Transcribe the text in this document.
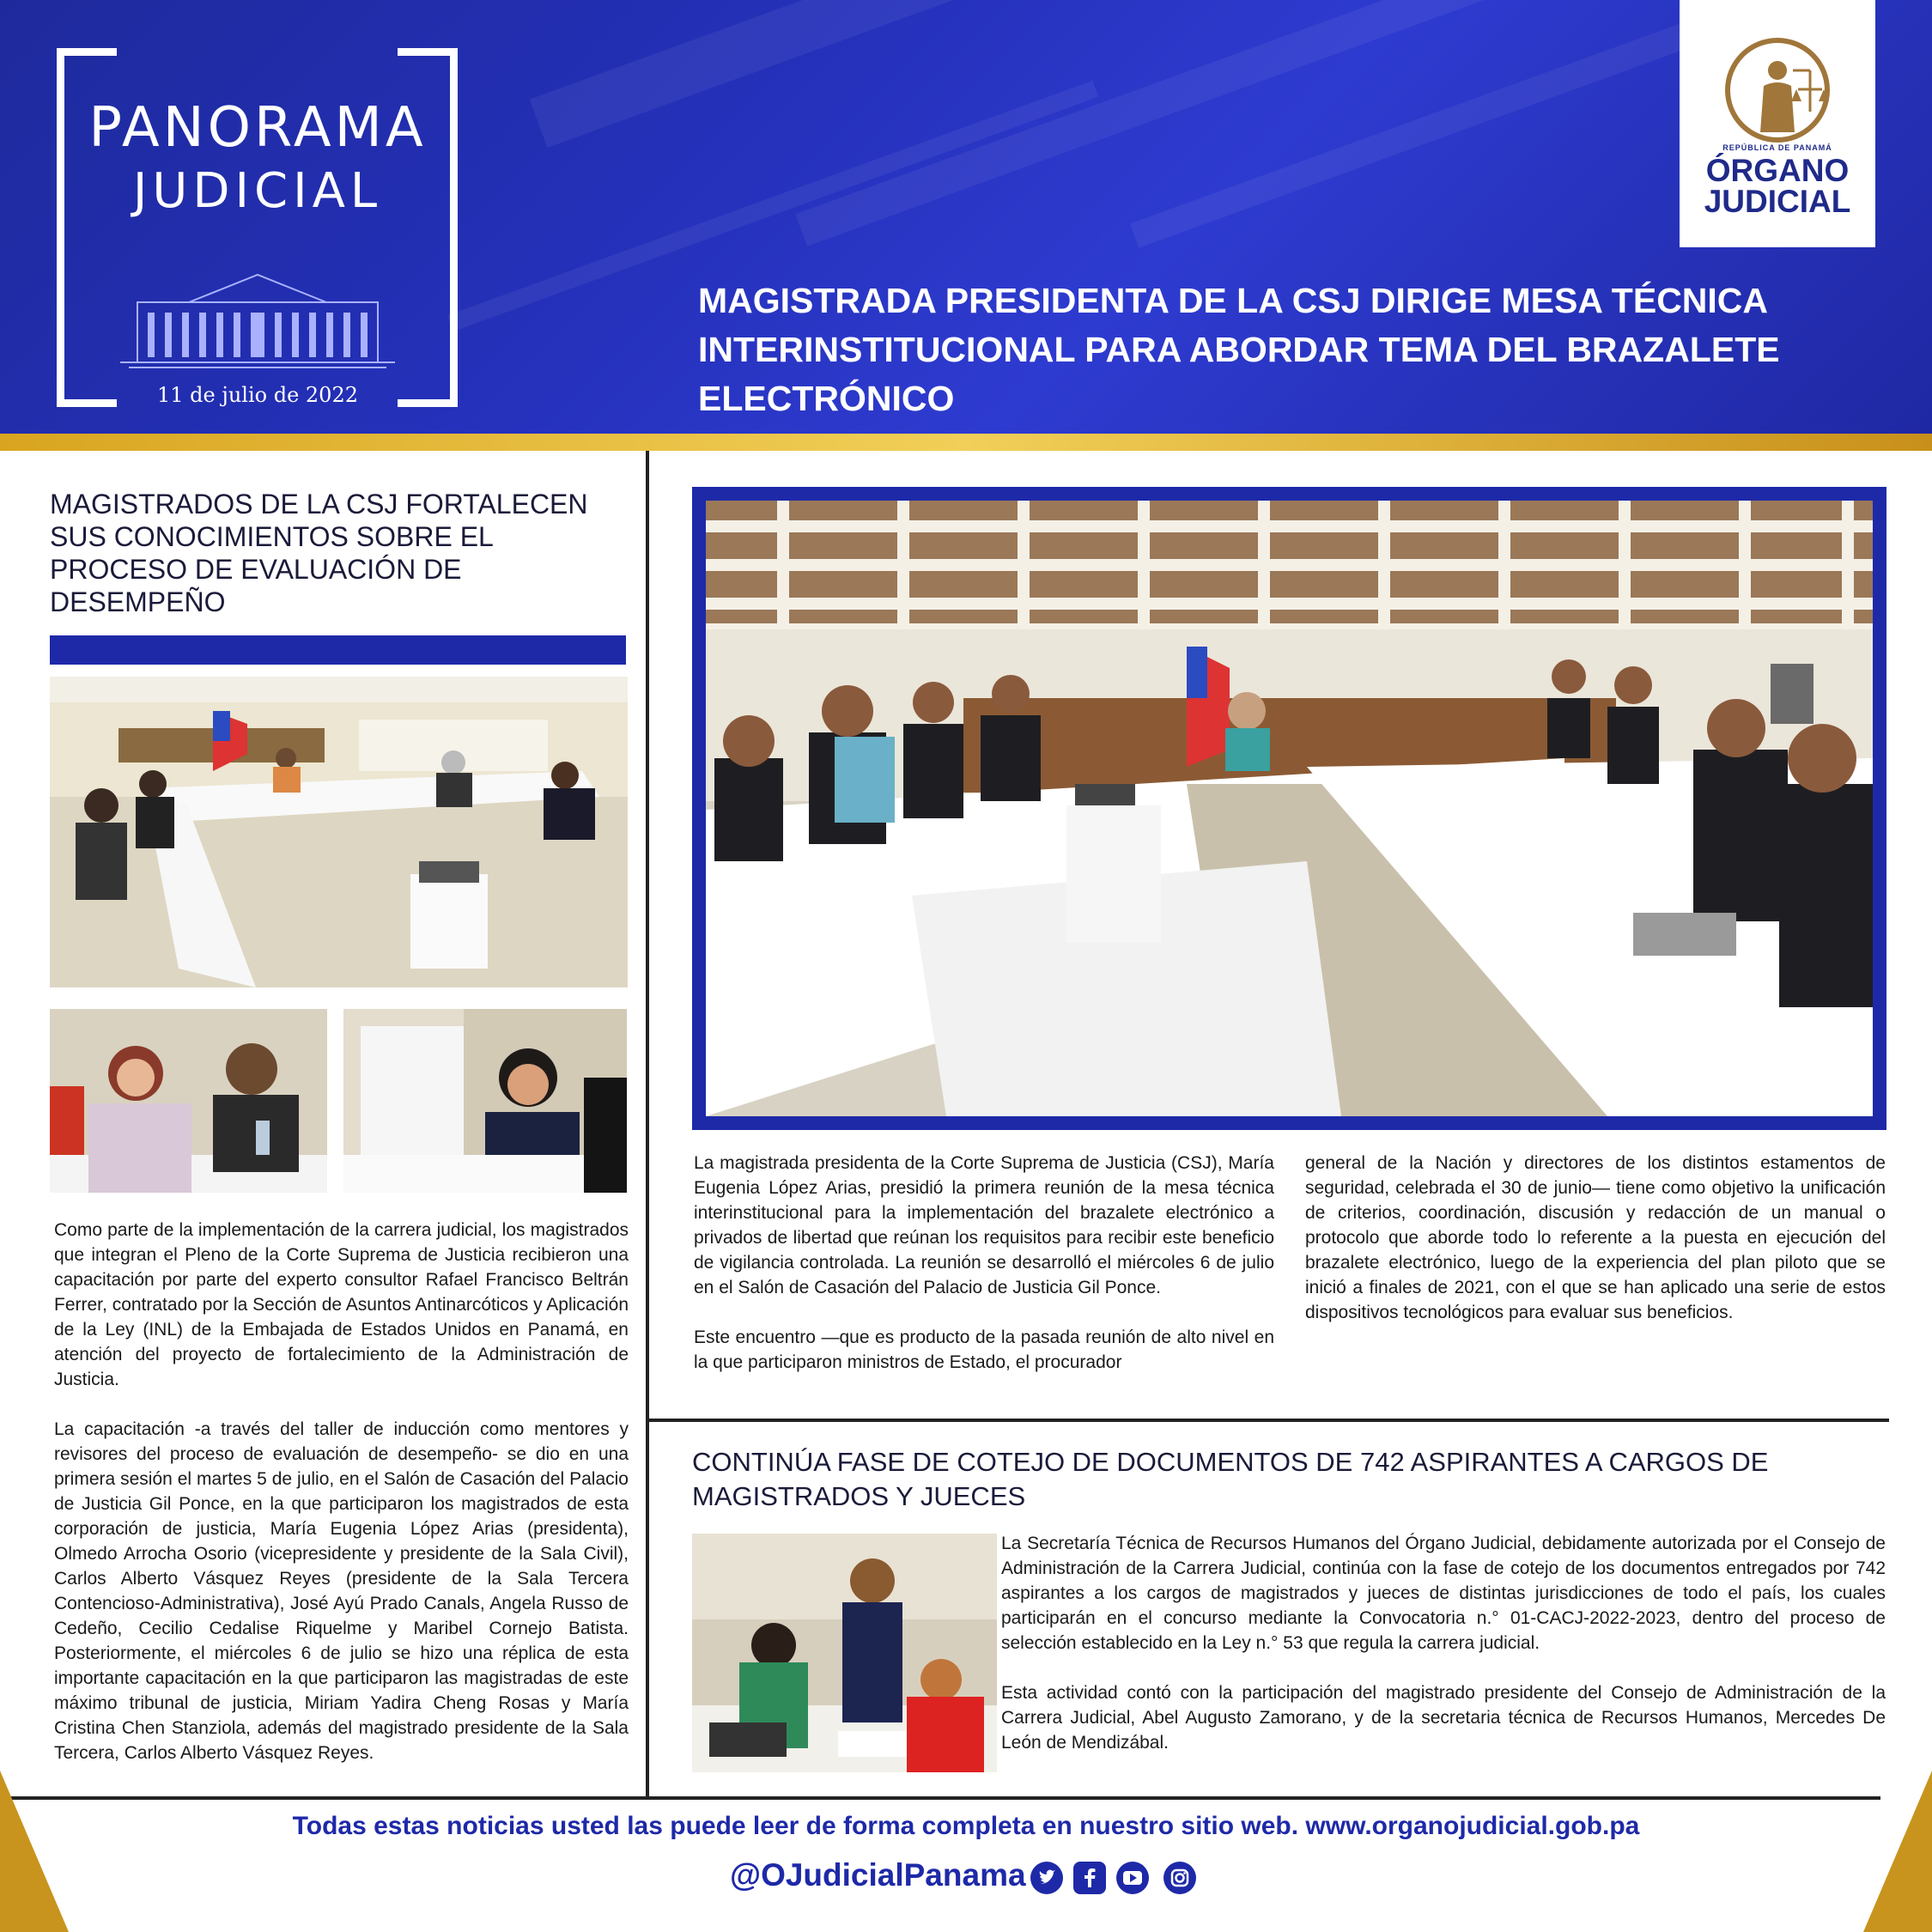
PANORAMA
JUDICIAL
11 de julio de 2022
REPÚBLICA DE PANAMÁ
ÓRGANO
JUDICIAL
MAGISTRADA PRESIDENTA DE LA CSJ DIRIGE MESA TÉCNICA INTERINSTITUCIONAL PARA ABORDAR TEMA DEL BRAZALETE ELECTRÓNICO
MAGISTRADOS DE LA CSJ FORTALECEN SUS CONOCIMIENTOS SOBRE EL PROCESO DE EVALUACIÓN DE DESEMPEÑO

Como parte de la implementación de la carrera judicial, los magistrados que integran el Pleno de la Corte Suprema de Justicia recibieron una capacitación por parte del experto consultor Rafael Francisco Beltrán Ferrer, contratado por la Sección de Asuntos Antinarcóticos y Aplicación de la Ley (INL) de la Embajada de Estados Unidos en Panamá, en atención del proyecto de fortalecimiento de la Administración de Justicia.

La capacitación -a través del taller de inducción como mentores y revisores del proceso de evaluación de desempeño- se dio en una primera sesión el martes 5 de julio, en el Salón de Casación del Palacio de Justicia Gil Ponce, en la que participaron los magistrados de esta corporación de justicia, María Eugenia López Arias (presidenta), Olmedo Arrocha Osorio (vicepresidente y presidente de la Sala Civil), Carlos Alberto Vásquez Reyes (presidente de la Sala Tercera Contencioso-Administrativa), José Ayú Prado Canals, Angela Russo de Cedeño, Cecilio Cedalise Riquelme y Maribel Cornejo Batista. Posteriormente, el miércoles 6 de julio se hizo una réplica de esta importante capacitación en la que participaron las magistradas de este máximo tribunal de justicia, Miriam Yadira Cheng Rosas y María Cristina Chen Stanziola, además del magistrado presidente de la Sala Tercera, Carlos Alberto Vásquez Reyes.

La magistrada presidenta de la Corte Suprema de Justicia (CSJ), María Eugenia López Arias, presidió la primera reunión de la mesa técnica interinstitucional para la implementación del brazalete electrónico a privados de libertad que reúnan los requisitos para recibir este beneficio de vigilancia controlada. La reunión se desarrolló el miércoles 6 de julio en el Salón de Casación del Palacio de Justicia Gil Ponce.

Este encuentro —que es producto de la pasada reunión de alto nivel en la que participaron ministros de Estado, el procurador

general de la Nación y directores de los distintos estamentos de seguridad, celebrada el 30 de junio— tiene como objetivo la unificación de criterios, coordinación, discusión y redacción de un manual o protocolo que aborde todo lo referente a la puesta en ejecución del brazalete electrónico, luego de la experiencia del plan piloto que se inició a finales de 2021, con el que se han aplicado una serie de estos dispositivos tecnológicos para evaluar sus beneficios.

CONTINÚA FASE DE COTEJO DE DOCUMENTOS DE 742 ASPIRANTES A CARGOS DE MAGISTRADOS Y JUECES

La Secretaría Técnica de Recursos Humanos del Órgano Judicial, debidamente autorizada por el Consejo de Administración de la Carrera Judicial, continúa con la fase de cotejo de los documentos entregados por 742 aspirantes a los cargos de magistrados y jueces de distintas jurisdicciones de todo el país, los cuales participarán en el concurso mediante la Convocatoria n.° 01-CACJ-2022-2023, dentro del proceso de selección establecido en la Ley n.° 53 que regula la carrera judicial.

Esta actividad contó con la participación del magistrado presidente del Consejo de Administración de la Carrera Judicial, Abel Augusto Zamorano, y de la secretaria técnica de Recursos Humanos, Mercedes De León de Mendizábal.

Todas estas noticias usted las puede leer de forma completa en nuestro sitio web. www.organojudicial.gob.pa
@OJudicialPanama
